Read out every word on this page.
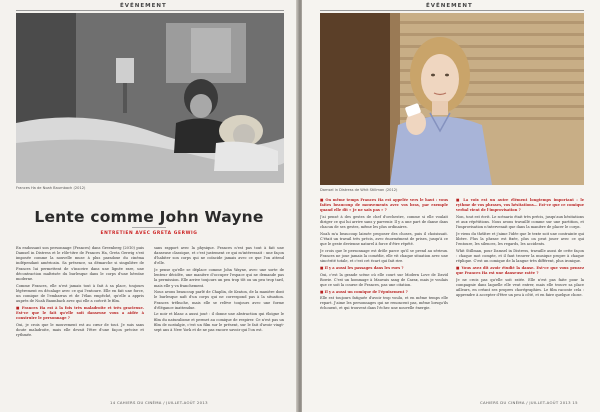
ÉVÉNEMENT
Frances Ha de Noah Baumbach (2012)
Lente comme John Wayne
ENTRETIEN AVEC GRETA GERWIG

En endossant son personnage (Frances) dans Greenberg (2010) puis Damsel in Distress et le rôle-titre de Frances Ha, Greta Gerwig s'est imposée comme la nouvelle muse à plus paradoxe du cinéma indépendant américain. Sa présence, sa démarche si singulière de Frances lui permettent de s'inscrire dans une lignée rare, une décontraction maîtrisée du burlesque dans le corps d'une héroïne moderne.

Comme Frances, elle n'est jamais tout à fait à sa place, toujours légèrement en décalage avec ce qui l'entoure. Elle en fait une force, un comique de l'embarras et de l'élan empêché, qu'elle a appris auprès de Noah Baumbach avec qui elle a coécrit le film.

■ Frances Ha est à la fois très maladroite et très gracieuse. Est-ce que le fait qu'elle soit danseuse vous a aidée à construire le personnage ?

Oui, je crois que le mouvement est au cœur de tout. Je suis sans doute maladroite, mais elle devait l'être d'une façon précise et rythmée.

sans rapport avec la physique. Frances n'est pas tout à fait une danseuse classique, et c'est justement ce qui m'intéressait : une façon d'habiter son corps qui ne coïncide jamais avec ce que l'on attend d'elle.

Je pense qu'elle se déplace comme John Wayne, avec une sorte de lenteur décidée, une manière d'occuper l'espace qui ne demande pas la permission. Elle arrive toujours un peu trop tôt ou un peu trop tard, mais elle y va franchement.

Nous avons beaucoup parlé de Chaplin, de Keaton, de la manière dont le burlesque naît d'un corps qui ne correspond pas à la situation. Frances trébuche, mais elle se relève toujours avec une forme d'élégance inattendue.

Le noir et blanc a aussi joué : il donne une abstraction qui éloigne le film du naturalisme et permet au comique de respirer. Ce n'est pas un film de nostalgie, c'est un film sur le présent, sur le fait d'avoir vingt-sept ans à New York et de ne pas encore savoir qui l'on est.

14 CAHIERS DU CINÉMA / JUILLET-AOÛT 2013
ÉVÉNEMENT
Damsel in Distress de Whit Stillman (2012)

■ On même temps Frances Ha est appelée vers le haut : vous faites beaucoup de mouvements avec vos bras, par exemple quand elle dit « Je ne sais pas » ?

J'ai pensé à des gestes de chef d'orchestre, comme si elle voulait diriger ce qui lui arrive sans y parvenir. Il y a une part de danse dans chacun de ses gestes, même les plus ordinaires.

Noah m'a beaucoup laissée proposer des choses, puis il choisissait. C'était un travail très précis, avec énormément de prises, jusqu'à ce que le geste devienne naturel à force d'être répété.

Je crois que le personnage est drôle parce qu'il se prend au sérieux. Frances ne joue jamais la comédie, elle vit chaque situation avec une sincérité totale, et c'est cet écart qui fait rire.

■ Il y a aussi les passages dans les rues ?

Oui, c'est la grande scène où elle court sur Modern Love de David Bowie. C'est un hommage à Mauvais sang de Carax, mais je voulais que ce soit la course de Frances, pas une citation.

■ Il y a aussi un comique de l'épuisement ?

Elle est toujours fatiguée d'avoir trop voulu, et en même temps elle repart. J'aime les personnages qui ne renoncent pas, même lorsqu'ils échouent, et qui trouvent dans l'échec une nouvelle énergie.

■ La voix est un autre élément longtemps important : le rythme de vos phrases, vos hésitations... Est-ce que ce comique verbal vient de l'improvisation ?

Non, tout est écrit. Le scénario était très précis, jusqu'aux hésitations et aux répétitions. Nous avons travaillé comme sur une partition, et l'improvisation n'intervenait que dans la manière de placer le corps.

Je viens du théâtre et j'aime l'idée que le texte soit une contrainte qui libère. Plus la phrase est fixée, plus on peut jouer avec ce qui l'entoure, les silences, les regards, les accidents.

Whit Stillman, pour Damsel in Distress, travaille aussi de cette façon : chaque mot compte, et il faut trouver la musique propre à chaque réplique. C'est un comique de la langue très différent, plus ironique.

■ Vous avez dit avoir étudié la danse. Est-ce que vous pensez que Frances Ha est une danseuse ratée ?

Je ne crois pas qu'elle soit ratée. Elle n'est pas faite pour la compagnie dans laquelle elle veut entrer, mais elle trouve sa place ailleurs, en créant ses propres chorégraphies. Le film raconte cela : apprendre à accepter d'être un peu à côté, et en faire quelque chose.

CAHIERS DU CINÉMA / JUILLET-AOÛT 2013 15
